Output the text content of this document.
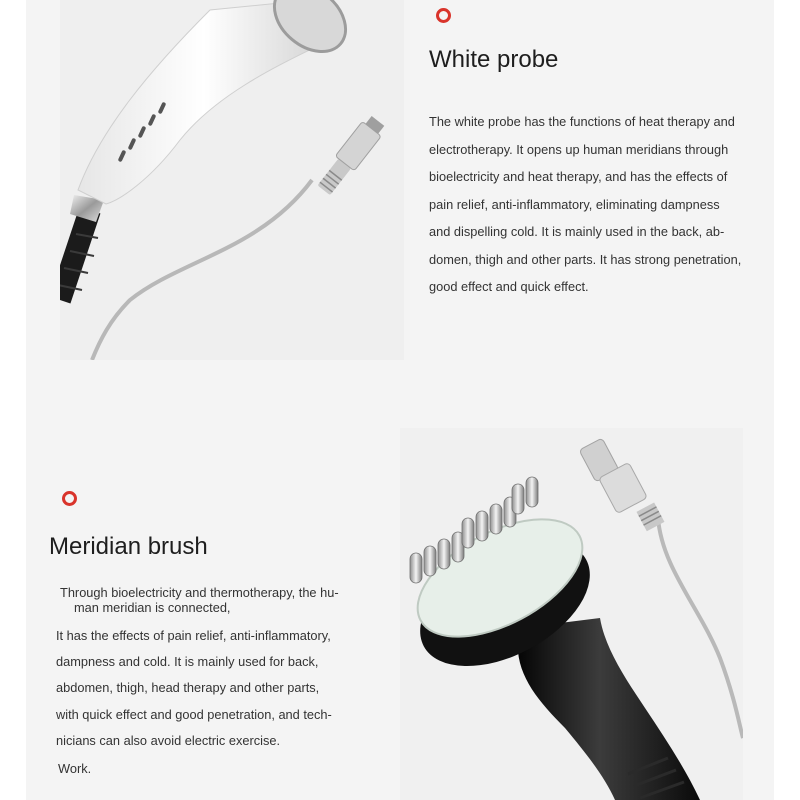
White probe
The white probe has the functions of heat therapy and
electrotherapy. It opens up human meridians through
bioelectricity and heat therapy, and has the effects of
pain relief, anti-inflammatory, eliminating dampness
and dispelling cold. It is mainly used in the back, ab-
domen, thigh and other parts. It has strong penetration,
good effect and quick effect.
Meridian brush
Through bioelectricity and thermotherapy, the hu-
man meridian is connected,
It has the effects of pain relief, anti-inflammatory,
dampness and cold. It is mainly used for back,
abdomen, thigh, head therapy and other parts,
with quick effect and good penetration, and tech-
nicians can also avoid electric exercise.
Work.
